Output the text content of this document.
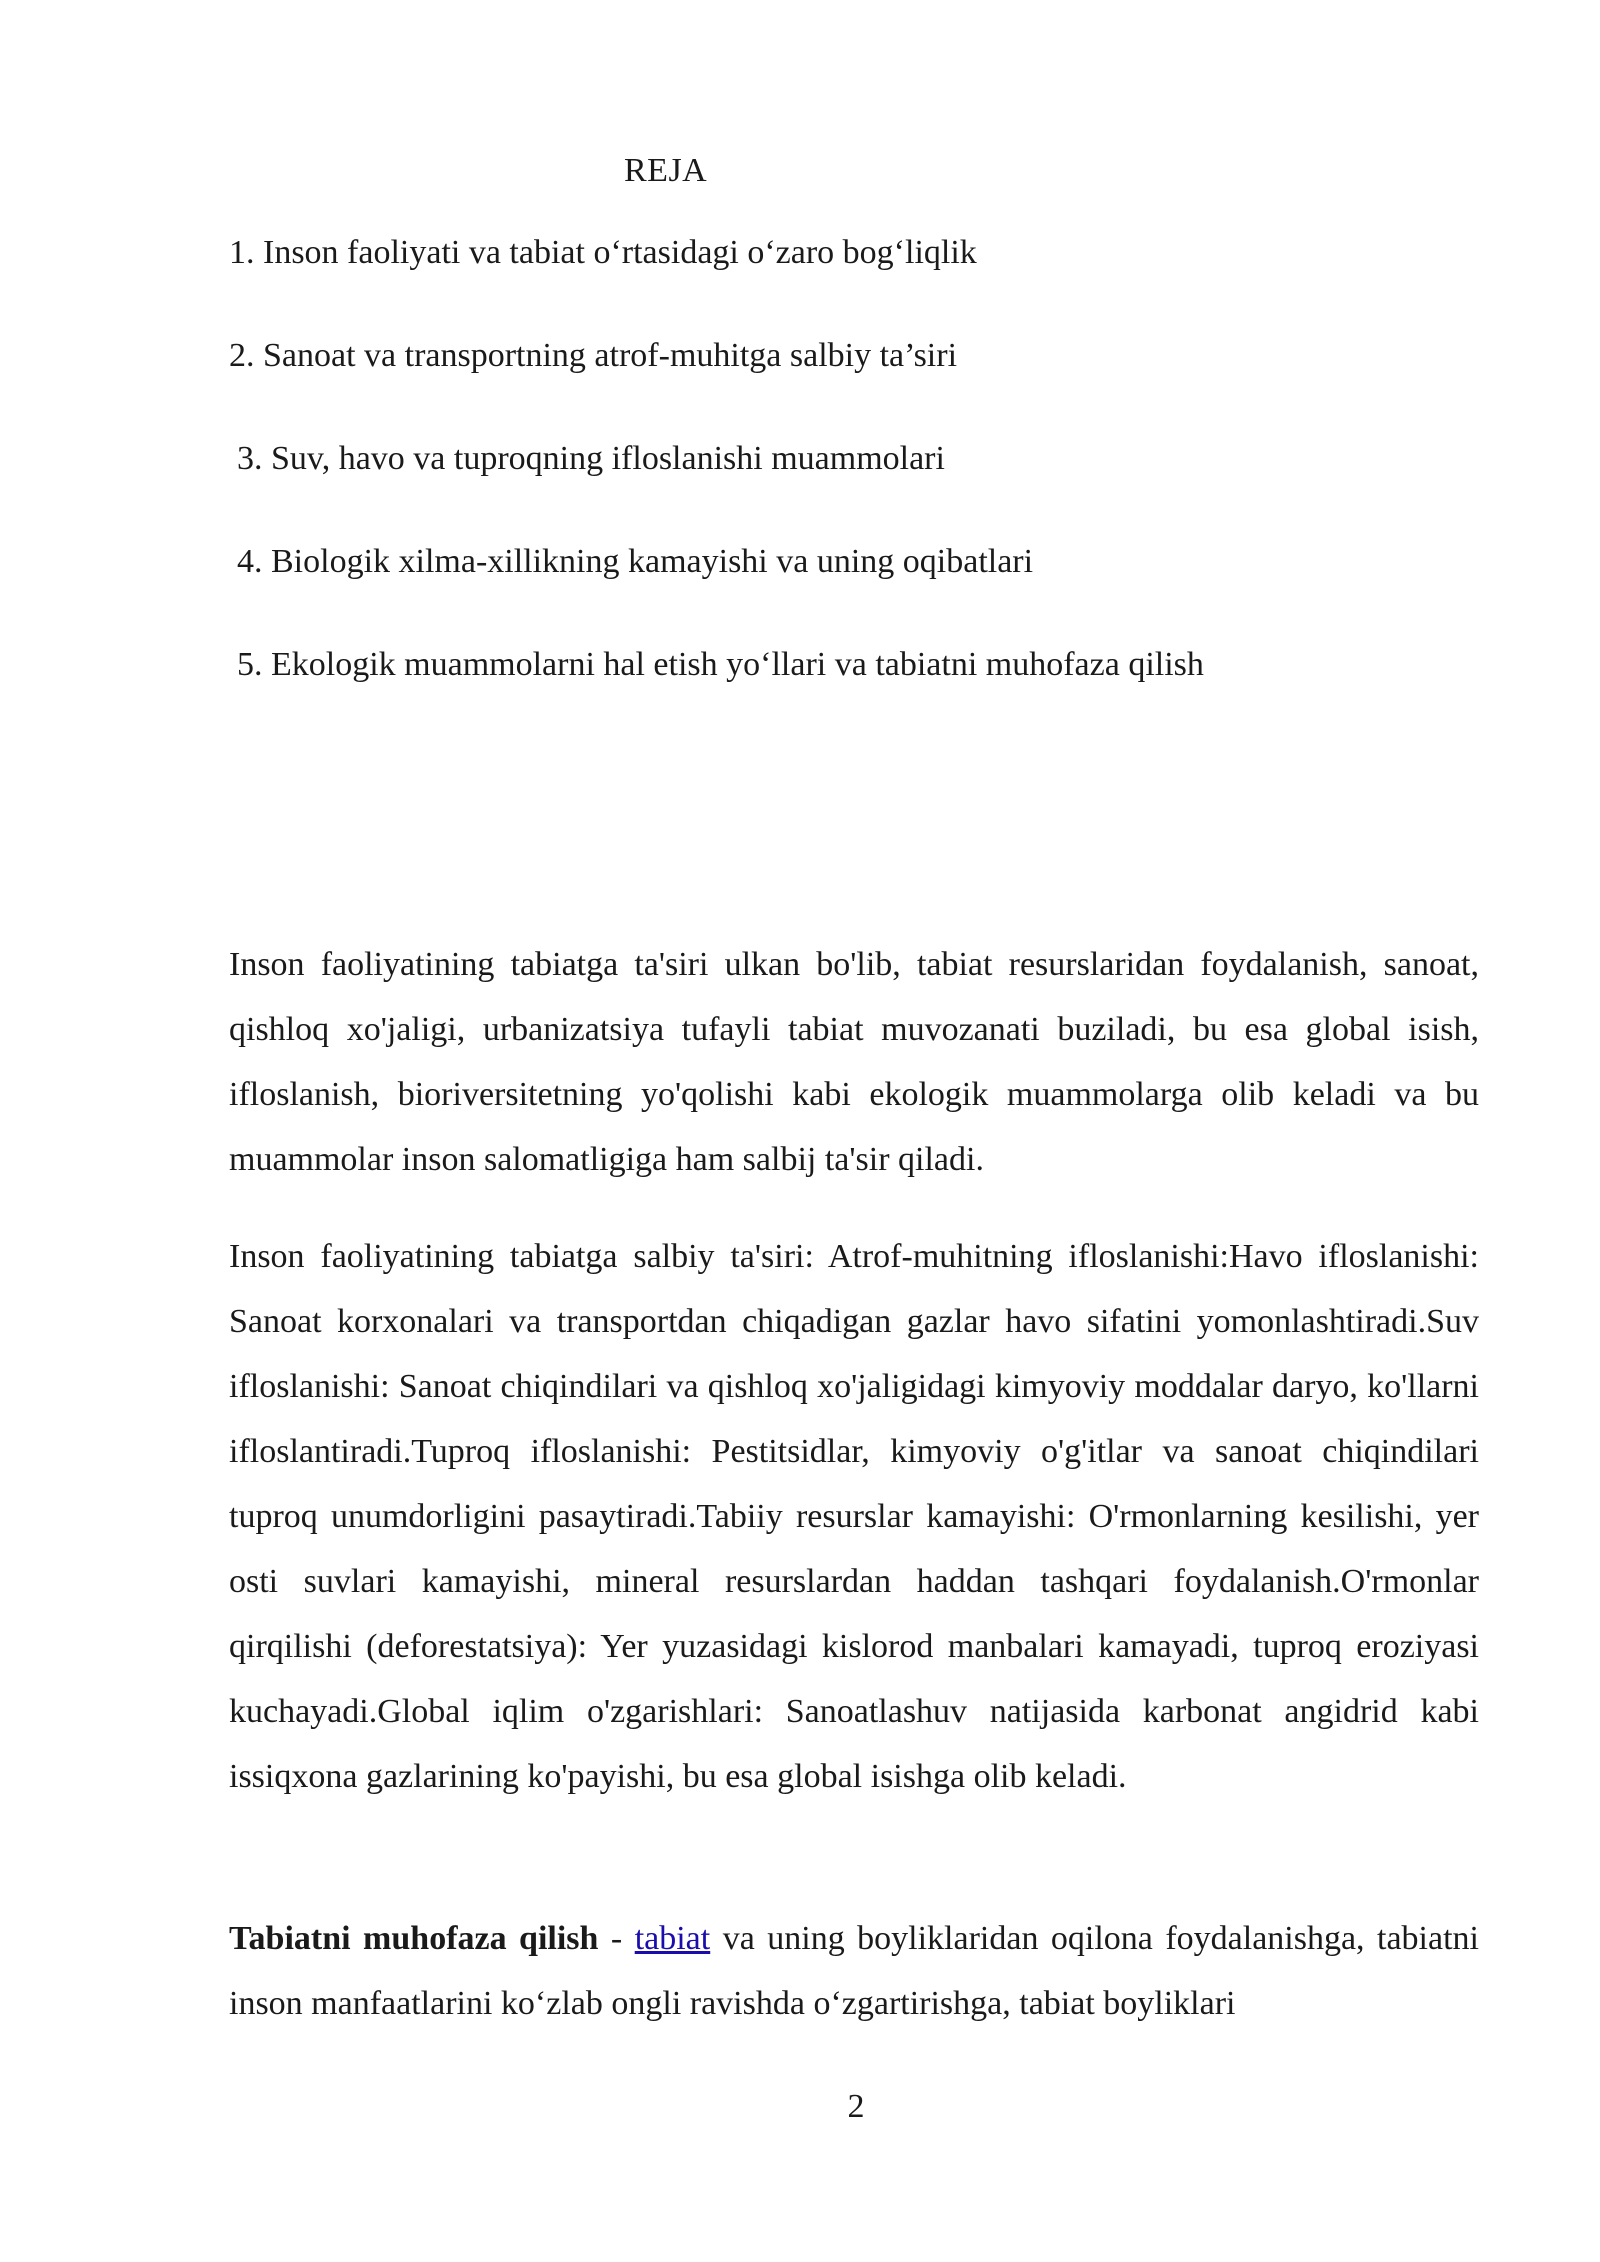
REJA
1. Inson faoliyati va tabiat o‘rtasidagi o‘zaro bog‘liqlik
2. Sanoat va transportning atrof-muhitga salbiy ta’siri
3. Suv, havo va tuproqning ifloslanishi muammolari
4. Biologik xilma-xillikning kamayishi va uning oqibatlari
5. Ekologik muammolarni hal etish yo‘llari va tabiatni muhofaza qilish

Inson faoliyatining tabiatga ta'siri ulkan bo'lib, tabiat resurslaridan foydalanish, sanoat, qishloq xo'jaligi, urbanizatsiya tufayli tabiat muvozanati buziladi, bu esa global isish, ifloslanish, bioriversitetning yo'qolishi kabi ekologik muammolarga olib keladi va bu muammolar inson salomatligiga ham salbij ta'sir qiladi.

Inson faoliyatining tabiatga salbiy ta'siri: Atrof-muhitning ifloslanishi:Havo ifloslanishi: Sanoat korxonalari va transportdan chiqadigan gazlar havo sifatini yomonlashtiradi.Suv ifloslanishi: Sanoat chiqindilari va qishloq xo'jaligidagi kimyoviy moddalar daryo, ko'llarni ifloslantiradi.Tuproq ifloslanishi: Pestitsidlar, kimyoviy o'g'itlar va sanoat chiqindilari tuproq unumdorligini pasaytiradi.Tabiiy resurslar kamayishi: O'rmonlarning kesilishi, yer osti suvlari kamayishi, mineral resurslardan haddan tashqari foydalanish.O'rmonlar qirqilishi (deforestatsiya): Yer yuzasidagi kislorod manbalari kamayadi, tuproq eroziyasi kuchayadi.Global iqlim o'zgarishlari: Sanoatlashuv natijasida karbonat angidrid kabi issiqxona gazlarining ko'payishi, bu esa global isishga olib keladi.

Tabiatni muhofaza qilish - tabiat va uning boyliklaridan oqilona foydalanishga, tabiatni inson manfaatlarini ko‘zlab ongli ravishda o‘zgartirishga, tabiat boyliklari

2
